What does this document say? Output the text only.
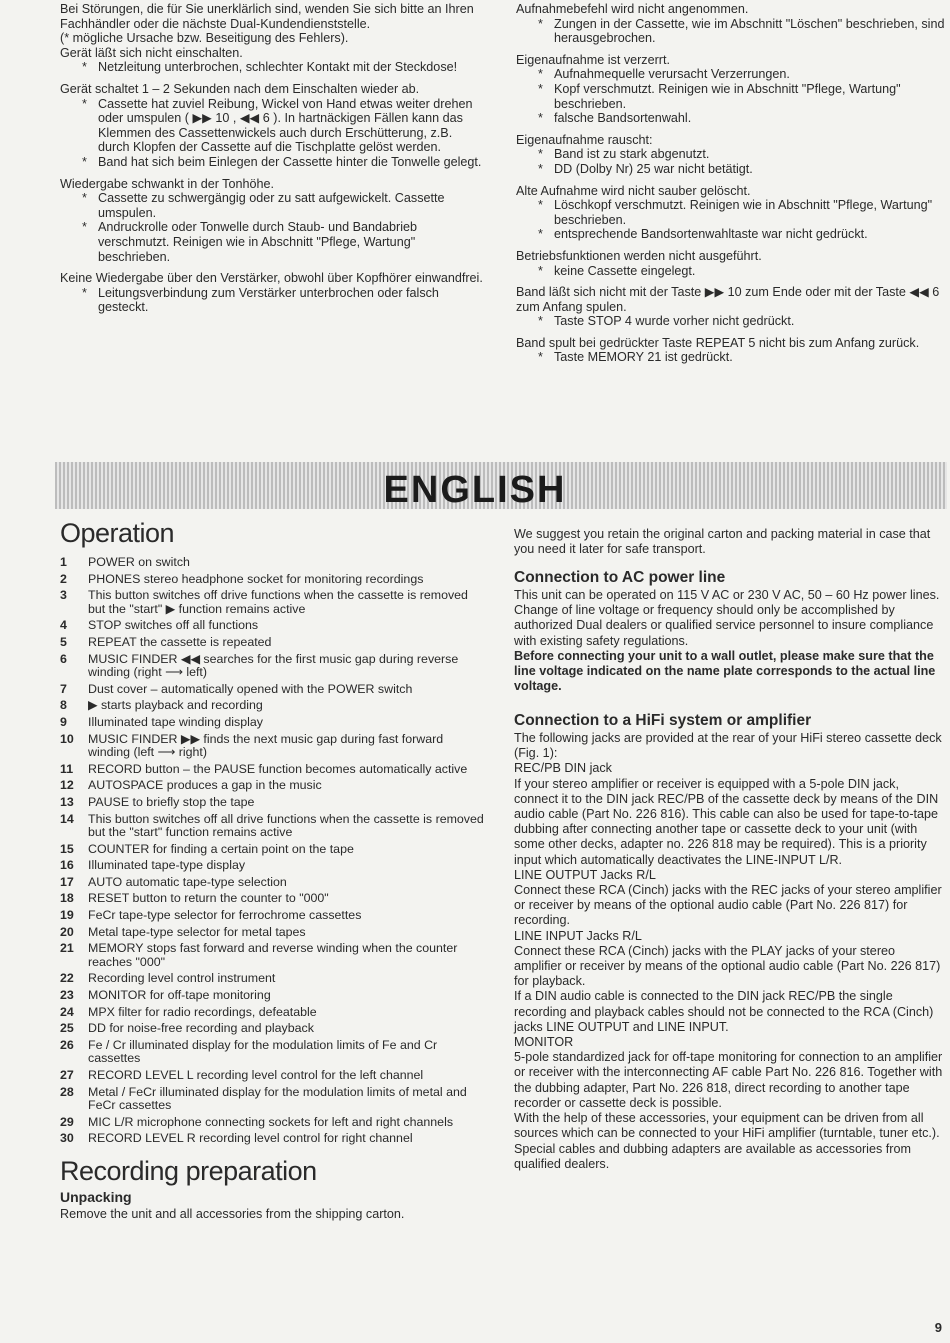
Bei Störungen, die für Sie unerklärlich sind, wenden Sie sich bitte an Ihren Fachhändler oder die nächste Dual-Kundendienststelle.

(* mögliche Ursache bzw. Beseitigung des Fehlers).

Gerät läßt sich nicht einschalten.

* Netzleitung unterbrochen, schlechter Kontakt mit der Steckdose!

Gerät schaltet 1 – 2 Sekunden nach dem Einschalten wieder ab.

* Cassette hat zuviel Reibung, Wickel von Hand etwas weiter drehen oder umspulen ( ▶▶ 10 , ◀◀ 6 ). In hartnäckigen Fällen kann das Klemmen des Cassettenwickels auch durch Erschütterung, z.B. durch Klopfen der Cassette auf die Tischplatte gelöst werden.

* Band hat sich beim Einlegen der Cassette hinter die Tonwelle gelegt.

Wiedergabe schwankt in der Tonhöhe.

* Cassette zu schwergängig oder zu satt aufgewickelt. Cassette umspulen.

* Andruckrolle oder Tonwelle durch Staub- und Bandabrieb verschmutzt. Reinigen wie in Abschnitt "Pflege, Wartung" beschrieben.

Keine Wiedergabe über den Verstärker, obwohl über Kopfhörer einwandfrei.

* Leitungsverbindung zum Verstärker unterbrochen oder falsch gesteckt.

Aufnahmebefehl wird nicht angenommen.

* Zungen in der Cassette, wie im Abschnitt "Löschen" beschrieben, sind herausgebrochen.

Eigenaufnahme ist verzerrt.

* Aufnahmequelle verursacht Verzerrungen.

* Kopf verschmutzt. Reinigen wie in Abschnitt "Pflege, Wartung" beschrieben.

* falsche Bandsortenwahl.

Eigenaufnahme rauscht:

* Band ist zu stark abgenutzt.

* DD (Dolby Nr) 25 war nicht betätigt.

Alte Aufnahme wird nicht sauber gelöscht.

* Löschkopf verschmutzt. Reinigen wie in Abschnitt "Pflege, Wartung" beschrieben.

* entsprechende Bandsortenwahltaste war nicht gedrückt.

Betriebsfunktionen werden nicht ausgeführt.

* keine Cassette eingelegt.

Band läßt sich nicht mit der Taste ▶▶ 10 zum Ende oder mit der Taste ◀◀ 6 zum Anfang spulen.

* Taste STOP 4 wurde vorher nicht gedrückt.

Band spult bei gedrückter Taste REPEAT 5 nicht bis zum Anfang zurück.

* Taste MEMORY 21 ist gedrückt.

ENGLISH
Operation
1	POWER on switch
2	PHONES stereo headphone socket for monitoring recordings
3	This button switches off drive functions when the cassette is removed but the "start" ▶ function remains active
4	STOP switches off all functions
5	REPEAT the cassette is repeated
6	MUSIC FINDER ◀◀ searches for the first music gap during reverse winding (right ⟶ left)
7	Dust cover – automatically opened with the POWER switch
8	▶ starts playback and recording
9	Illuminated tape winding display
10	MUSIC FINDER ▶▶ finds the next music gap during fast forward winding (left ⟶ right)
11	RECORD button – the PAUSE function becomes automatically active
12	AUTOSPACE produces a gap in the music
13	PAUSE to briefly stop the tape
14	This button switches off all drive functions when the cassette is removed but the "start" function remains active
15	COUNTER for finding a certain point on the tape
16	Illuminated tape-type display
17	AUTO automatic tape-type selection
18	RESET button to return the counter to "000"
19	FeCr tape-type selector for ferrochrome cassettes
20	Metal tape-type selector for metal tapes
21	MEMORY stops fast forward and reverse winding when the counter reaches "000"
22	Recording level control instrument
23	MONITOR for off-tape monitoring
24	MPX filter for radio recordings, defeatable
25	DD for noise-free recording and playback
26	Fe / Cr illuminated display for the modulation limits of Fe and Cr cassettes
27	RECORD LEVEL L recording level control for the left channel
28	Metal / FeCr illuminated display for the modulation limits of metal and FeCr cassettes
29	MIC L/R microphone connecting sockets for left and right channels
30	RECORD LEVEL R recording level control for right channel
Recording preparation
Unpacking

Remove the unit and all accessories from the shipping carton.

We suggest you retain the original carton and packing material in case that you need it later for safe transport.

Connection to AC power line

This unit can be operated on 115 V AC or 230 V AC, 50 – 60 Hz power lines. Change of line voltage or frequency should only be accomplished by authorized Dual dealers or qualified service personnel to insure compliance with existing safety regulations.

Before connecting your unit to a wall outlet, please make sure that the line voltage indicated on the name plate corresponds to the actual line voltage.

Connection to a HiFi system or amplifier

The following jacks are provided at the rear of your HiFi stereo cassette deck (Fig. 1):

REC/PB DIN jack

If your stereo amplifier or receiver is equipped with a 5-pole DIN jack, connect it to the DIN jack REC/PB of the cassette deck by means of the DIN audio cable (Part No. 226 816). This cable can also be used for tape-to-tape dubbing after connecting another tape or cassette deck to your unit (with some other decks, adapter no. 226 818 may be required). This is a priority input which automatically deactivates the LINE-INPUT L/R.

LINE OUTPUT Jacks R/L

Connect these RCA (Cinch) jacks with the REC jacks of your stereo amplifier or receiver by means of the optional audio cable (Part No. 226 817) for recording.

LINE INPUT Jacks R/L

Connect these RCA (Cinch) jacks with the PLAY jacks of your stereo amplifier or receiver by means of the optional audio cable (Part No. 226 817) for playback.

If a DIN audio cable is connected to the DIN jack REC/PB the single recording and playback cables should not be connected to the RCA (Cinch) jacks LINE OUTPUT and LINE INPUT.

MONITOR

5-pole standardized jack for off-tape monitoring for connection to an amplifier or receiver with the interconnecting AF cable Part No. 226 816. Together with the dubbing adapter, Part No. 226 818, direct recording to another tape recorder or cassette deck is possible.

With the help of these accessories, your equipment can be driven from all sources which can be connected to your HiFi amplifier (turntable, tuner etc.). Special cables and dubbing adapters are available as accessories from qualified dealers.

9
